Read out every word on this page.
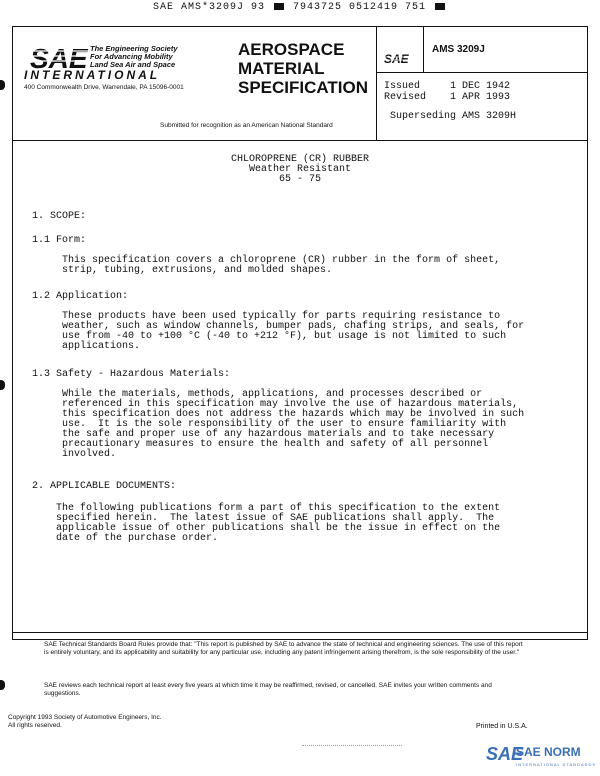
SAE AMS*3209J 93	7943725 0512419 751
SAE The Engineering Society
For Advancing Mobility
Land Sea Air and Space
INTERNATIONAL
400 Commonwealth Drive, Warrendale, PA 15096-0001
AEROSPACE
MATERIAL
SPECIFICATION
Submitted for recognition as an American National Standard
SAE
AMS 3209J
Issued	1 DEC 1942
Revised 1 APR 1993
Superseding AMS 3209H
CHLOROPRENE (CR) RUBBER
Weather Resistant
65 - 75
1. SCOPE:
1.1 Form:
This specification covers a chloroprene (CR) rubber in the form of sheet,
strip, tubing, extrusions, and molded shapes.
1.2 Application:
These products have been used typically for parts requiring resistance to
weather, such as window channels, bumper pads, chafing strips, and seals, for
use from -40 to +100 °C (-40 to +212 °F), but usage is not limited to such
applications.
1.3 Safety - Hazardous Materials:
While the materials, methods, applications, and processes described or
referenced in this specification may involve the use of hazardous materials,
this specification does not address the hazards which may be involved in such
use.  It is the sole responsibility of the user to ensure familiarity with
the safe and proper use of any hazardous materials and to take necessary
precautionary measures to ensure the health and safety of all personnel
involved.
2. APPLICABLE DOCUMENTS:
The following publications form a part of this specification to the extent
specified herein.  The latest issue of SAE publications shall apply.  The
applicable issue of other publications shall be the issue in effect on the
date of the purchase order.
SAE Technical Standards Board Rules provide that: "This report is published by SAE to advance the state of technical and engineering sciences. The use of this report is entirely voluntary, and its applicability and suitability for any particular use, including any patent infringement arising therefrom, is the sole responsibility of the user."
SAE reviews each technical report at least every five years at which time it may be reaffirmed, revised, or cancelled. SAE invites your written comments and suggestions.
Copyright 1993 Society of Automotive Engineers, Inc.
All rights reserved.	Printed in U.S.A.
SAE
SAE NORM
INTERNATIONAL STANDARDS
